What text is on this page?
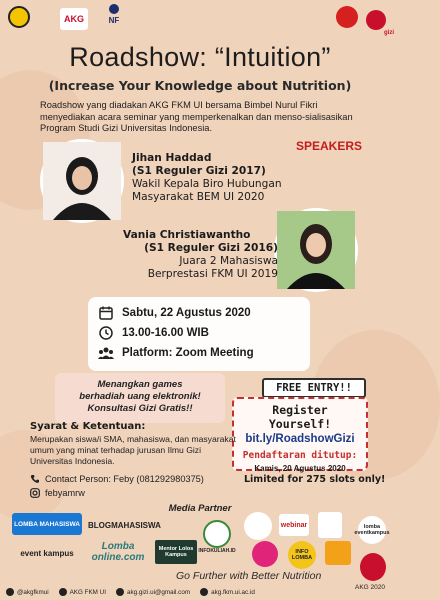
AKG	NF
gizi
Roadshow: “Intuition”
(Increase Your Knowledge about Nutrition)
Roadshow yang diadakan AKG FKM UI bersama Bimbel Nurul Fikri menyediakan acara seminar yang memperkenalkan dan menso-sialisasikan Program Studi Gizi Universitas Indonesia.
SPEAKERS
Jihan Haddad
(S1 Reguler Gizi 2017)
Wakil Kepala Biro Hubungan
Masyarakat BEM UI 2020
Vania Christiawantho
(S1 Reguler Gizi 2016)
Juara 2 Mahasiswa
Berprestasi FKM UI 2019
Sabtu, 22 Agustus 2020
13.00-16.00 WIB
Platform: Zoom Meeting
Menangkan games
berhadiah uang elektronik!
Konsultasi Gizi Gratis!!
FREE ENTRY!!
Register Yourself!
bit.ly/RoadshowGizi
Pendaftaran ditutup:
Kamis, 20 Agustus 2020
Limited for 275 slots only!
Syarat & Ketentuan:
Merupakan siswa/i SMA, mahasiswa, dan masyarakat umum yang minat terhadap jurusan Ilmu Gizi Universitas Indonesia.
Contact Person: Feby (081292980375)
febyamrw
Media Partner
LOMBA MAHASISWA BLOGMAHASISWA
event kampus
Lomba online.com
Mentor Lolos Kampus
INFOKULIAH.ID
webinar	lomba eventkampus
INFO LOMBA
Go Further with Better Nutrition
AKG 2020
@akgfkmui	AKG FKM UI	akg.gizi.ui@gmail.com	akg.fkm.ui.ac.id
